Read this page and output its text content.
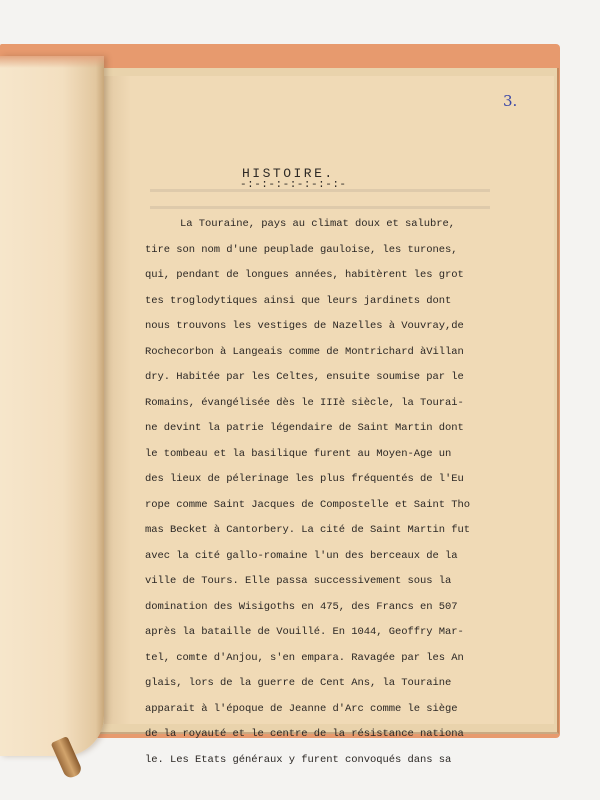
3.
HISTOIRE.
-:-:-:-:-:-:-:-
La Touraine, pays au climat doux et salubre,
tire son nom d'une peuplade gauloise, les turones,
qui, pendant de longues années, habitèrent les grot
tes troglodytiques ainsi que leurs jardinets dont
nous trouvons les vestiges de Nazelles à Vouvray,de
Rochecorbon à Langeais comme de Montrichard àVillan
dry. Habitée par les Celtes, ensuite soumise par le
Romains, évangélisée dès le IIIè siècle, la Tourai-
ne devint la patrie légendaire de Saint Martin dont
le tombeau et la basilique furent au Moyen-Age un
des lieux de pélerinage les plus fréquentés de l'Eu
rope comme Saint Jacques de Compostelle et Saint Tho
mas Becket à Cantorbery. La cité de Saint Martin fut
avec la cité gallo-romaine l'un des berceaux de la
ville de Tours. Elle passa successivement sous la
domination des Wisigoths en 475, des Francs en 507
après la bataille de Vouillé. En 1044, Geoffry Mar-
tel, comte d'Anjou, s'en empara. Ravagée par les An
glais, lors de la guerre de Cent Ans, la Touraine
apparait à l'époque de Jeanne d'Arc comme le siège
de la royauté et le centre de la résistance nationa
le. Les Etats généraux y furent convoqués dans sa
